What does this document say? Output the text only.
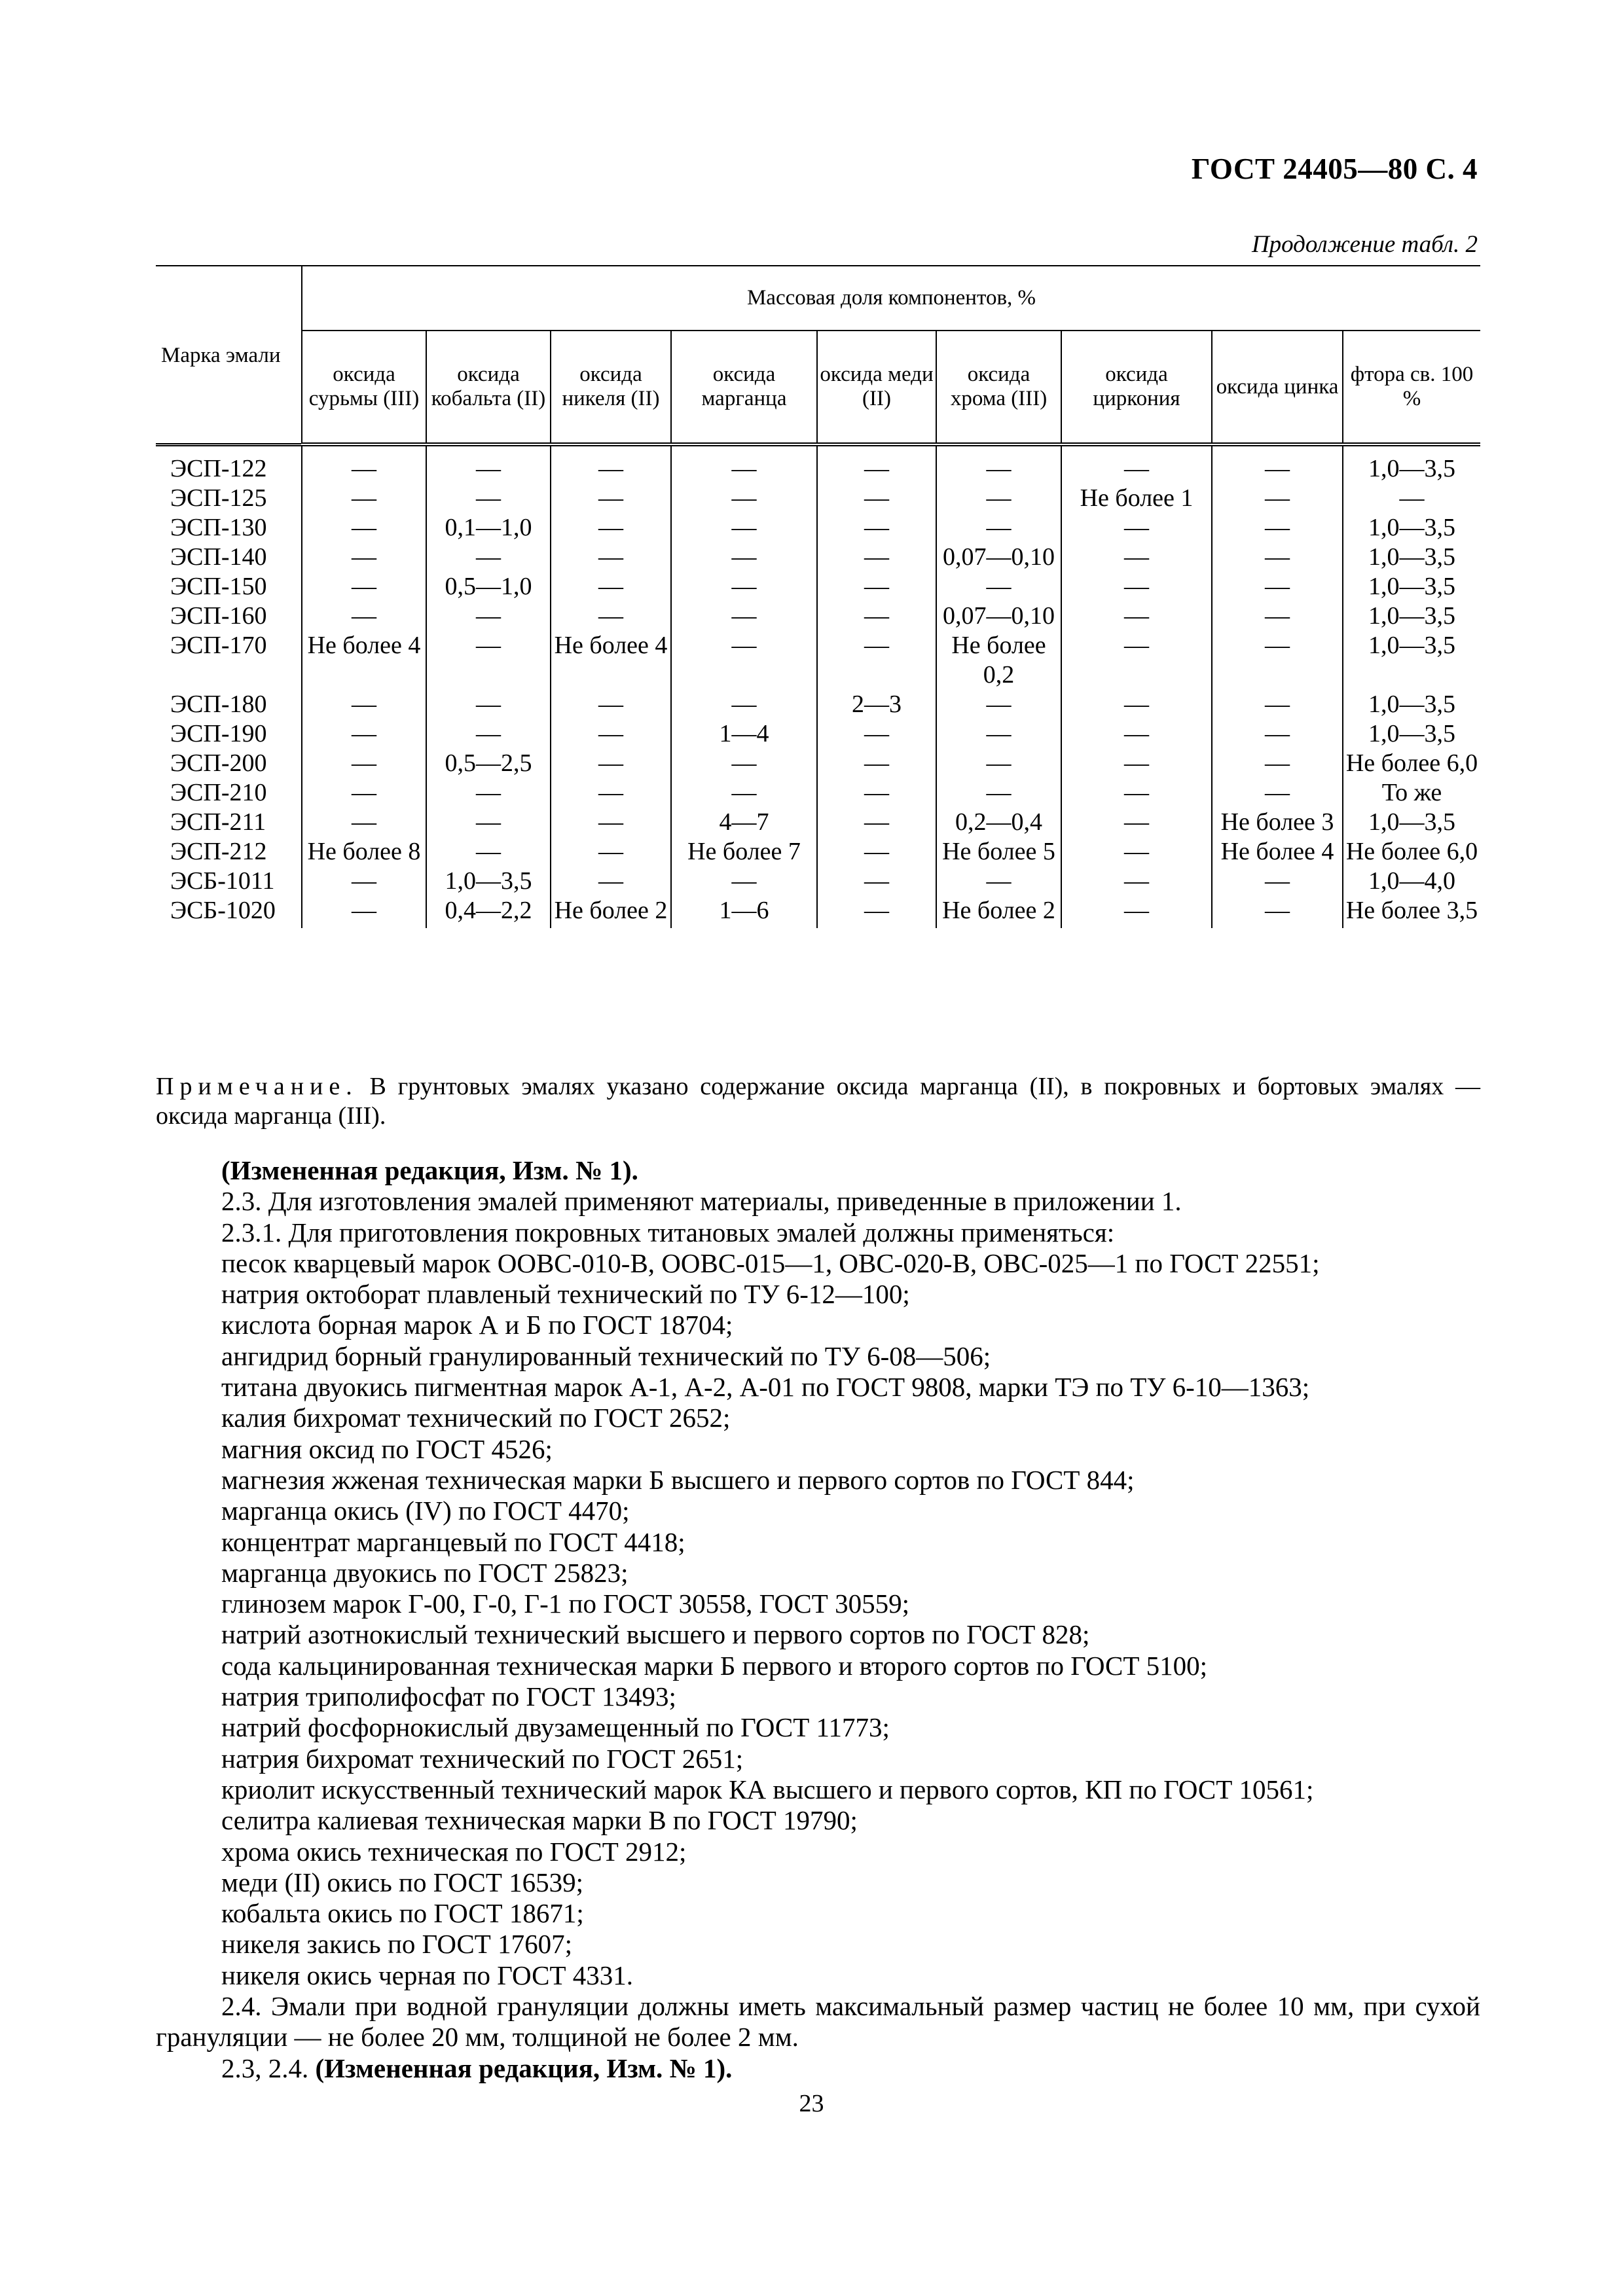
ГОСТ 24405—80 С. 4
Продолжение табл. 2
Марка эмали	Массовая доля компонентов, %								
	оксида сурьмы (III)	оксида кобальта (II)	оксида никеля (II)	оксида марганца	оксида меди (II)	оксида хрома (III)	оксида циркония	оксида цинка	фтора св. 100 %
ЭСП-122	—	—	—	—	—	—	—	—	1,0—3,5
ЭСП-125	—	—	—	—	—	—	Не более 1	—	—
ЭСП-130	—	0,1—1,0	—	—	—	—	—	—	1,0—3,5
ЭСП-140	—	—	—	—	—	0,07—0,10	—	—	1,0—3,5
ЭСП-150	—	0,5—1,0	—	—	—	—	—	—	1,0—3,5
ЭСП-160	—	—	—	—	—	0,07—0,10	—	—	1,0—3,5
ЭСП-170	Не более 4	—	Не более 4	—	—	Не более 0,2	—	—	1,0—3,5
ЭСП-180	—	—	—	—	2—3	—	—	—	1,0—3,5
ЭСП-190	—	—	—	1—4	—	—	—	—	1,0—3,5
ЭСП-200	—	0,5—2,5	—	—	—	—	—	—	Не более 6,0
ЭСП-210	—	—	—	—	—	—	—	—	То же
ЭСП-211	—	—	—	4—7	—	0,2—0,4	—	Не более 3	1,0—3,5
ЭСП-212	Не более 8	—	—	Не более 7	—	Не более 5	—	Не более 4	Не более 6,0
ЭСБ-1011	—	1,0—3,5	—	—	—	—	—	—	1,0—4,0
ЭСБ-1020	—	0,4—2,2	Не более 2	1—6	—	Не более 2	—	—	Не более 3,5
Примечание. В грунтовых эмалях указано содержание оксида марганца (II), в покровных и бортовых эмалях — оксида марганца (III).

(Измененная редакция, Изм. № 1).

2.3. Для изготовления эмалей применяют материалы, приведенные в приложении 1.

2.3.1. Для приготовления покровных титановых эмалей должны применяться:

песок кварцевый марок ООВС-010-В, ООВС-015—1, ОВС-020-В, ОВС-025—1 по ГОСТ 22551;

натрия октоборат плавленый технический по ТУ 6-12—100;

кислота борная марок А и Б по ГОСТ 18704;

ангидрид борный гранулированный технический по ТУ 6-08—506;

титана двуокись пигментная марок А-1, А-2, А-01 по ГОСТ 9808, марки ТЭ по ТУ 6-10—1363;

калия бихромат технический по ГОСТ 2652;

магния оксид по ГОСТ 4526;

магнезия жженая техническая марки Б высшего и первого сортов по ГОСТ 844;

марганца окись (IV) по ГОСТ 4470;

концентрат марганцевый по ГОСТ 4418;

марганца двуокись по ГОСТ 25823;

глинозем марок Г-00, Г-0, Г-1 по ГОСТ 30558, ГОСТ 30559;

натрий азотнокислый технический высшего и первого сортов по ГОСТ 828;

сода кальцинированная техническая марки Б первого и второго сортов по ГОСТ 5100;

натрия триполифосфат по ГОСТ 13493;

натрий фосфорнокислый двузамещенный по ГОСТ 11773;

натрия бихромат технический по ГОСТ 2651;

криолит искусственный технический марок КА высшего и первого сортов, КП по ГОСТ 10561;

селитра калиевая техническая марки В по ГОСТ 19790;

хрома окись техническая по ГОСТ 2912;

меди (II) окись по ГОСТ 16539;

кобальта окись по ГОСТ 18671;

никеля закись по ГОСТ 17607;

никеля окись черная по ГОСТ 4331.

2.4. Эмали при водной грануляции должны иметь максимальный размер частиц не более 10 мм, при сухой грануляции — не более 20 мм, толщиной не более 2 мм.

2.3, 2.4. (Измененная редакция, Изм. № 1).

23
